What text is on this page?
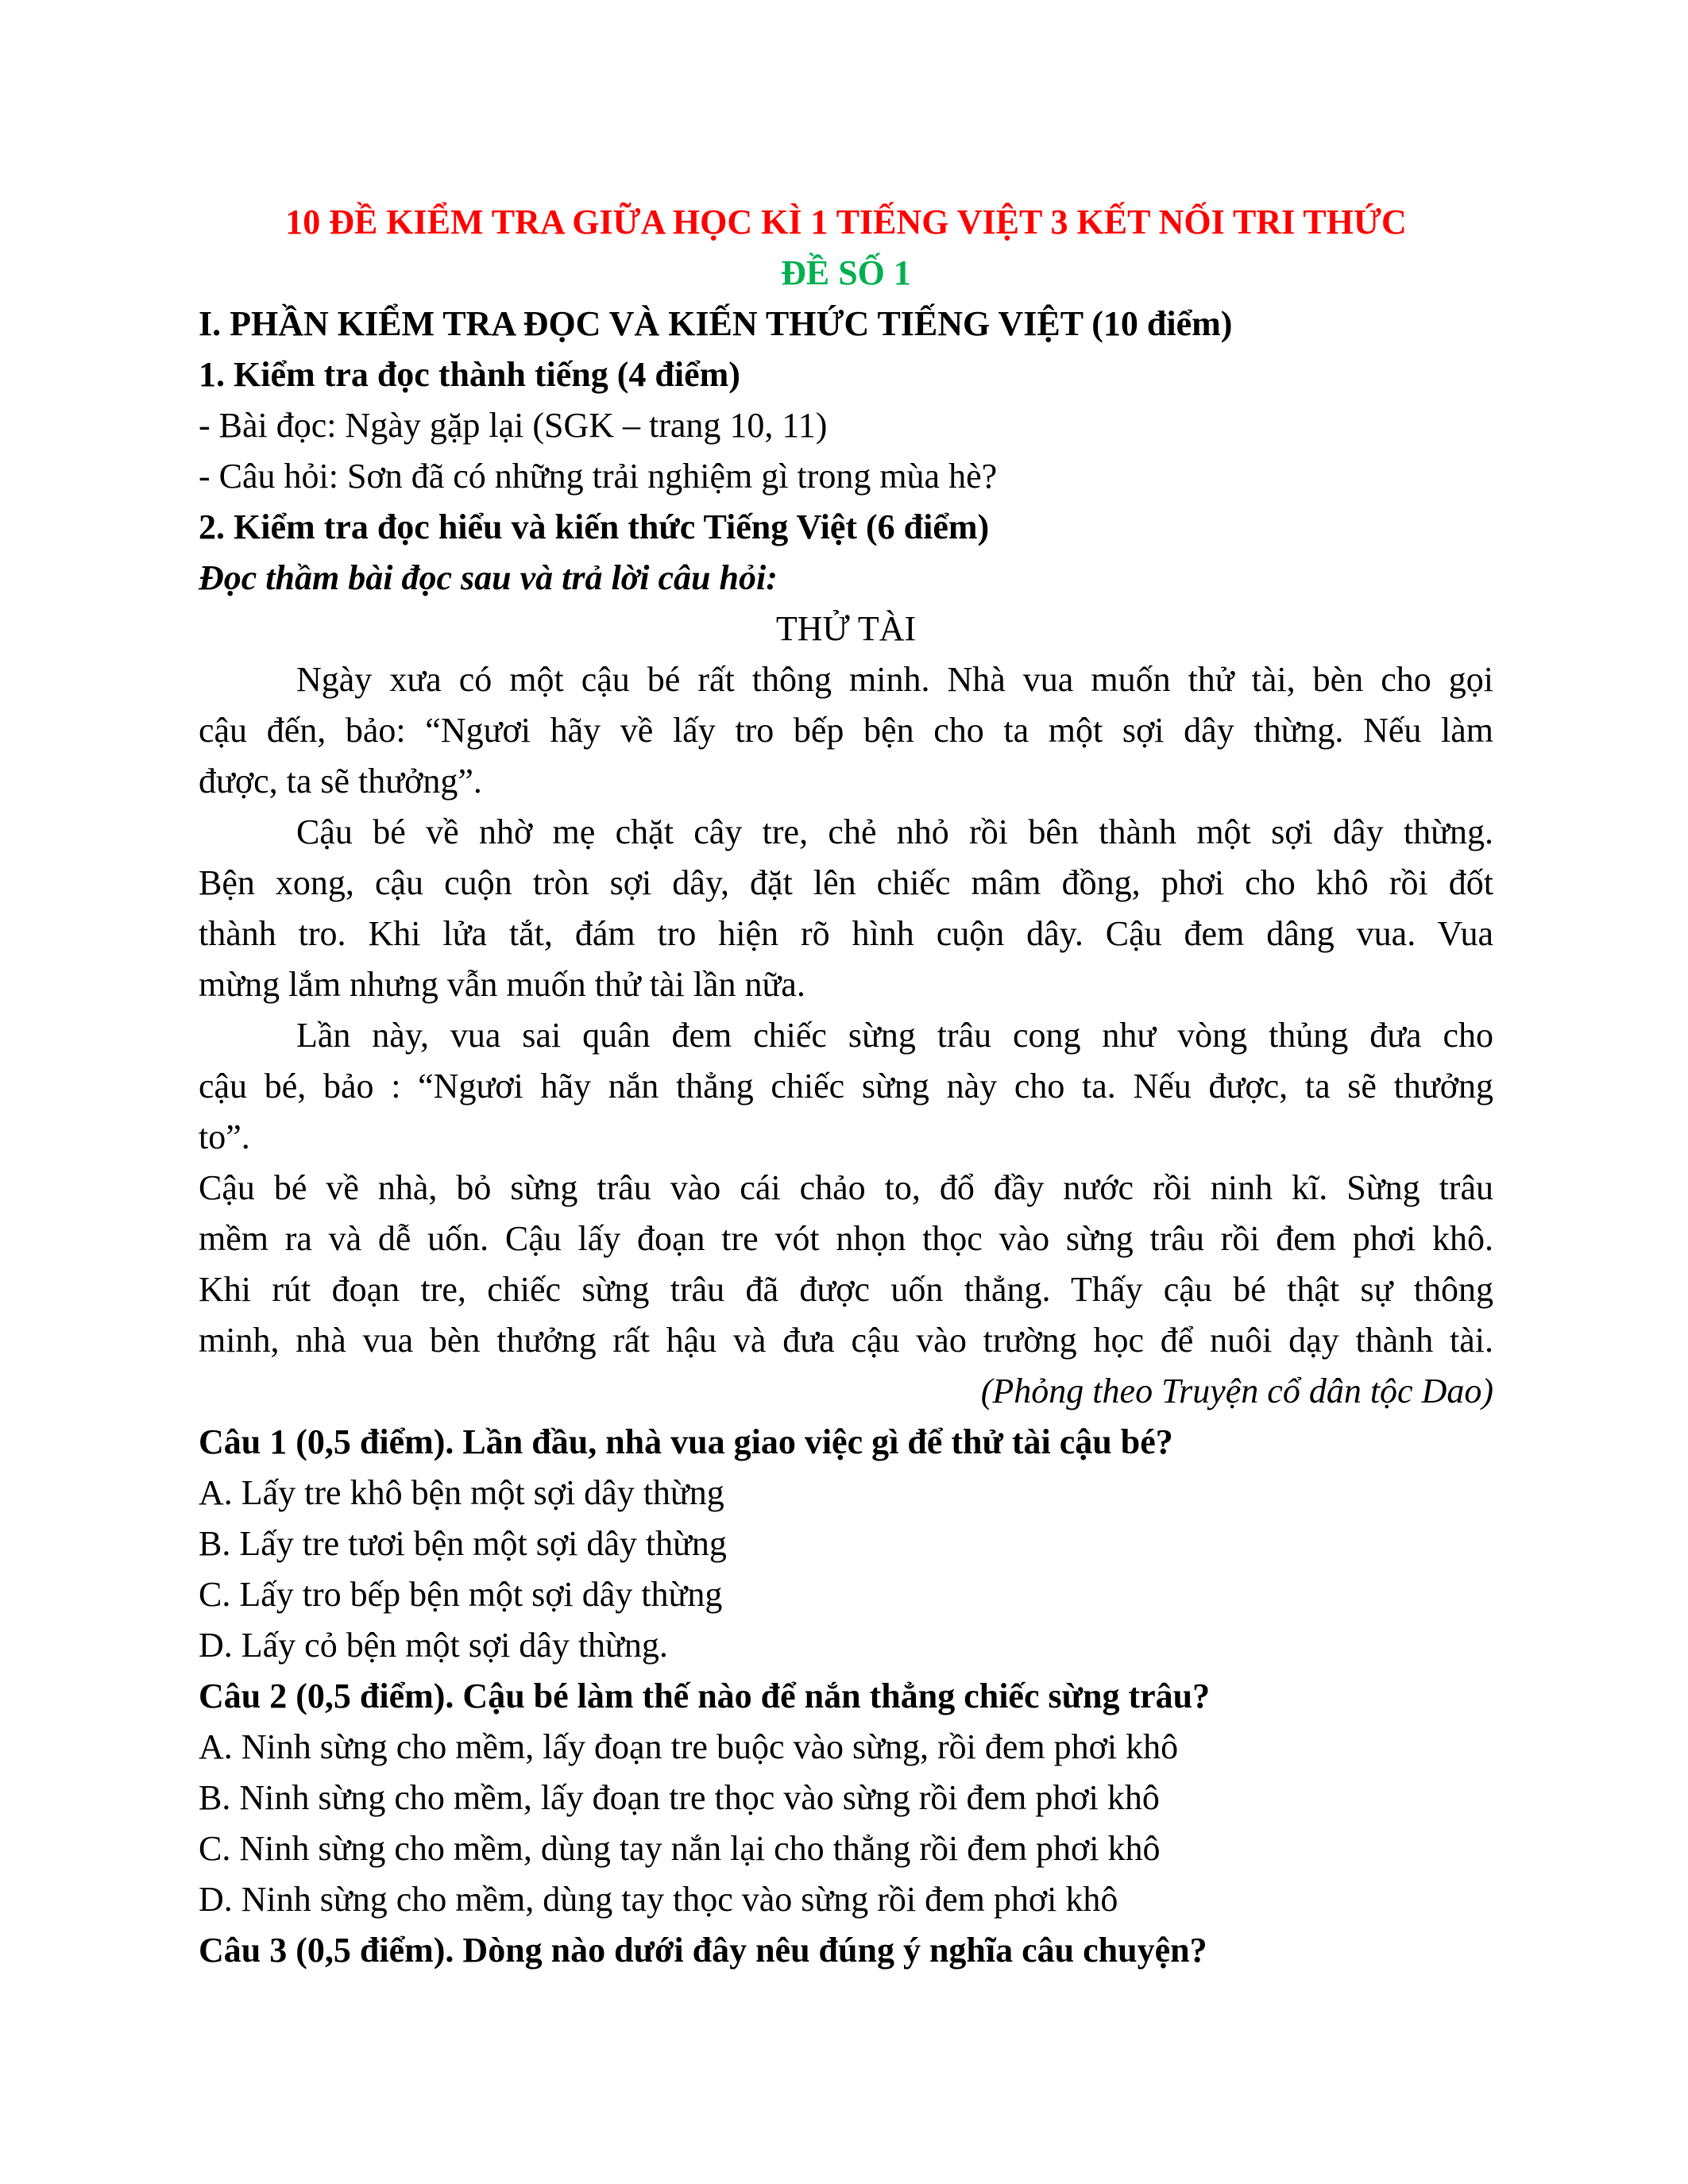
10 ĐỀ KIỂM TRA GIỮA HỌC KÌ 1 TIẾNG VIỆT 3 KẾT NỐI TRI THỨC
ĐỀ SỐ 1
I. PHẦN KIỂM TRA ĐỌC VÀ KIẾN THỨC TIẾNG VIỆT (10 điểm)
1. Kiểm tra đọc thành tiếng (4 điểm)
- Bài đọc: Ngày gặp lại (SGK – trang 10, 11)
- Câu hỏi: Sơn đã có những trải nghiệm gì trong mùa hè?
2. Kiểm tra đọc hiểu và kiến thức Tiếng Việt (6 điểm)
Đọc thầm bài đọc sau và trả lời câu hỏi:
THỬ TÀI
Ngày xưa có một cậu bé rất thông minh. Nhà vua muốn thử tài, bèn cho gọi
cậu đến, bảo: “Ngươi hãy về lấy tro bếp bện cho ta một sợi dây thừng. Nếu làm
được, ta sẽ thưởng”.
Cậu bé về nhờ mẹ chặt cây tre, chẻ nhỏ rồi bên thành một sợi dây thừng.
Bện xong, cậu cuộn tròn sợi dây, đặt lên chiếc mâm đồng, phơi cho khô rồi đốt
thành tro. Khi lửa tắt, đám tro hiện rõ hình cuộn dây. Cậu đem dâng vua. Vua
mừng lắm nhưng vẫn muốn thử tài lần nữa.
Lần này, vua sai quân đem chiếc sừng trâu cong như vòng thủng đưa cho
cậu bé, bảo : “Ngươi hãy nắn thẳng chiếc sừng này cho ta. Nếu được, ta sẽ thưởng
to”.
Cậu bé về nhà, bỏ sừng trâu vào cái chảo to, đổ đầy nước rồi ninh kĩ. Sừng trâu
mềm ra và dễ uốn. Cậu lấy đoạn tre vót nhọn thọc vào sừng trâu rồi đem phơi khô.
Khi rút đoạn tre, chiếc sừng trâu đã được uốn thẳng. Thấy cậu bé thật sự thông
minh, nhà vua bèn thưởng rất hậu và đưa cậu vào trường học để nuôi dạy thành tài.
(Phỏng theo Truyện cổ dân tộc Dao)
Câu 1 (0,5 điểm). Lần đầu, nhà vua giao việc gì để thử tài cậu bé?
A. Lấy tre khô bện một sợi dây thừng
B. Lấy tre tươi bện một sợi dây thừng
C. Lấy tro bếp bện một sợi dây thừng
D. Lấy cỏ bện một sợi dây thừng.
Câu 2 (0,5 điểm). Cậu bé làm thế nào để nắn thẳng chiếc sừng trâu?
A. Ninh sừng cho mềm, lấy đoạn tre buộc vào sừng, rồi đem phơi khô
B. Ninh sừng cho mềm, lấy đoạn tre thọc vào sừng rồi đem phơi khô
C. Ninh sừng cho mềm, dùng tay nắn lại cho thẳng rồi đem phơi khô
D. Ninh sừng cho mềm, dùng tay thọc vào sừng rồi đem phơi khô
Câu 3 (0,5 điểm). Dòng nào dưới đây nêu đúng ý nghĩa câu chuyện?
